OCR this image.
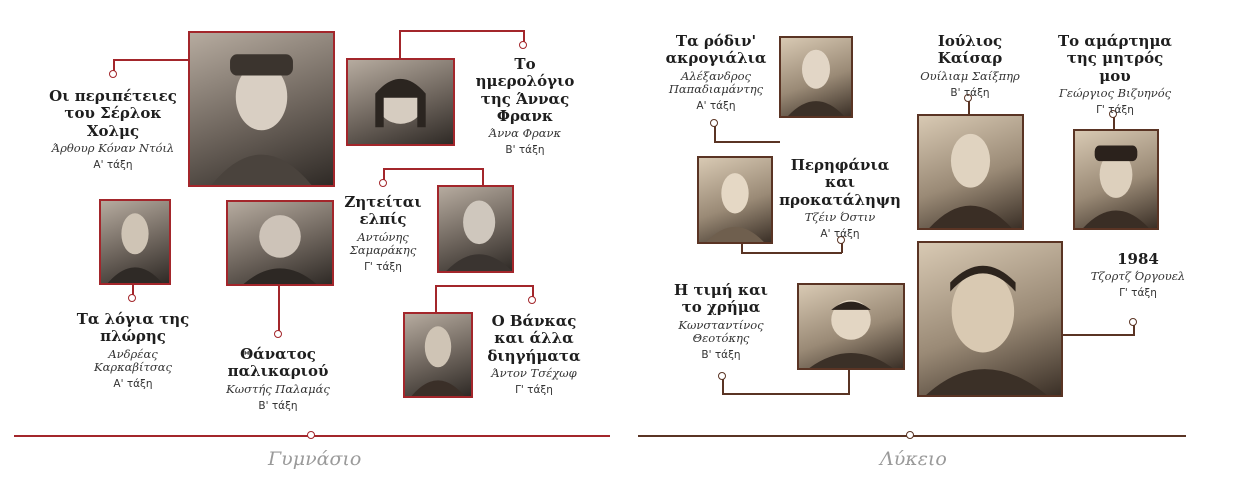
Οι περιπέτειες του Σέρλοκ Χολμς
Άρθουρ Κόναν Ντόιλ
Α' τάξη
Το ημερολόγιο της Άννας Φρανκ
Άννα Φρανκ
Β' τάξη
Ζητείται ελπίς
Αντώνης Σαμαράκης
Γ' τάξη
Τα λόγια της πλώρης
Ανδρέας Καρκαβίτσας
Α' τάξη
Θάνατος παλικαριού
Κωστής Παλαμάς
Β' τάξη
Ο Βάνκας και άλλα διηγήματα
Άντον Τσέχωφ
Γ' τάξη
Γυμνάσιο
Τα ρόδιν' ακρογιάλια
Αλέξανδρος Παπαδιαμάντης
Α' τάξη
Ιούλιος Καίσαρ
Ουίλιαμ Σαίξπηρ
Β' τάξη
Το αμάρτημα της μητρός μου
Γεώργιος Βιζυηνός
Γ' τάξη
Περηφάνια και προκατάληψη
Τζέιν Όστιν
Α' τάξη
Η τιμή και το χρήμα
Κωνσταντίνος Θεοτόκης
Β' τάξη
1984
Τζορτζ Όργουελ
Γ' τάξη
Λύκειο
